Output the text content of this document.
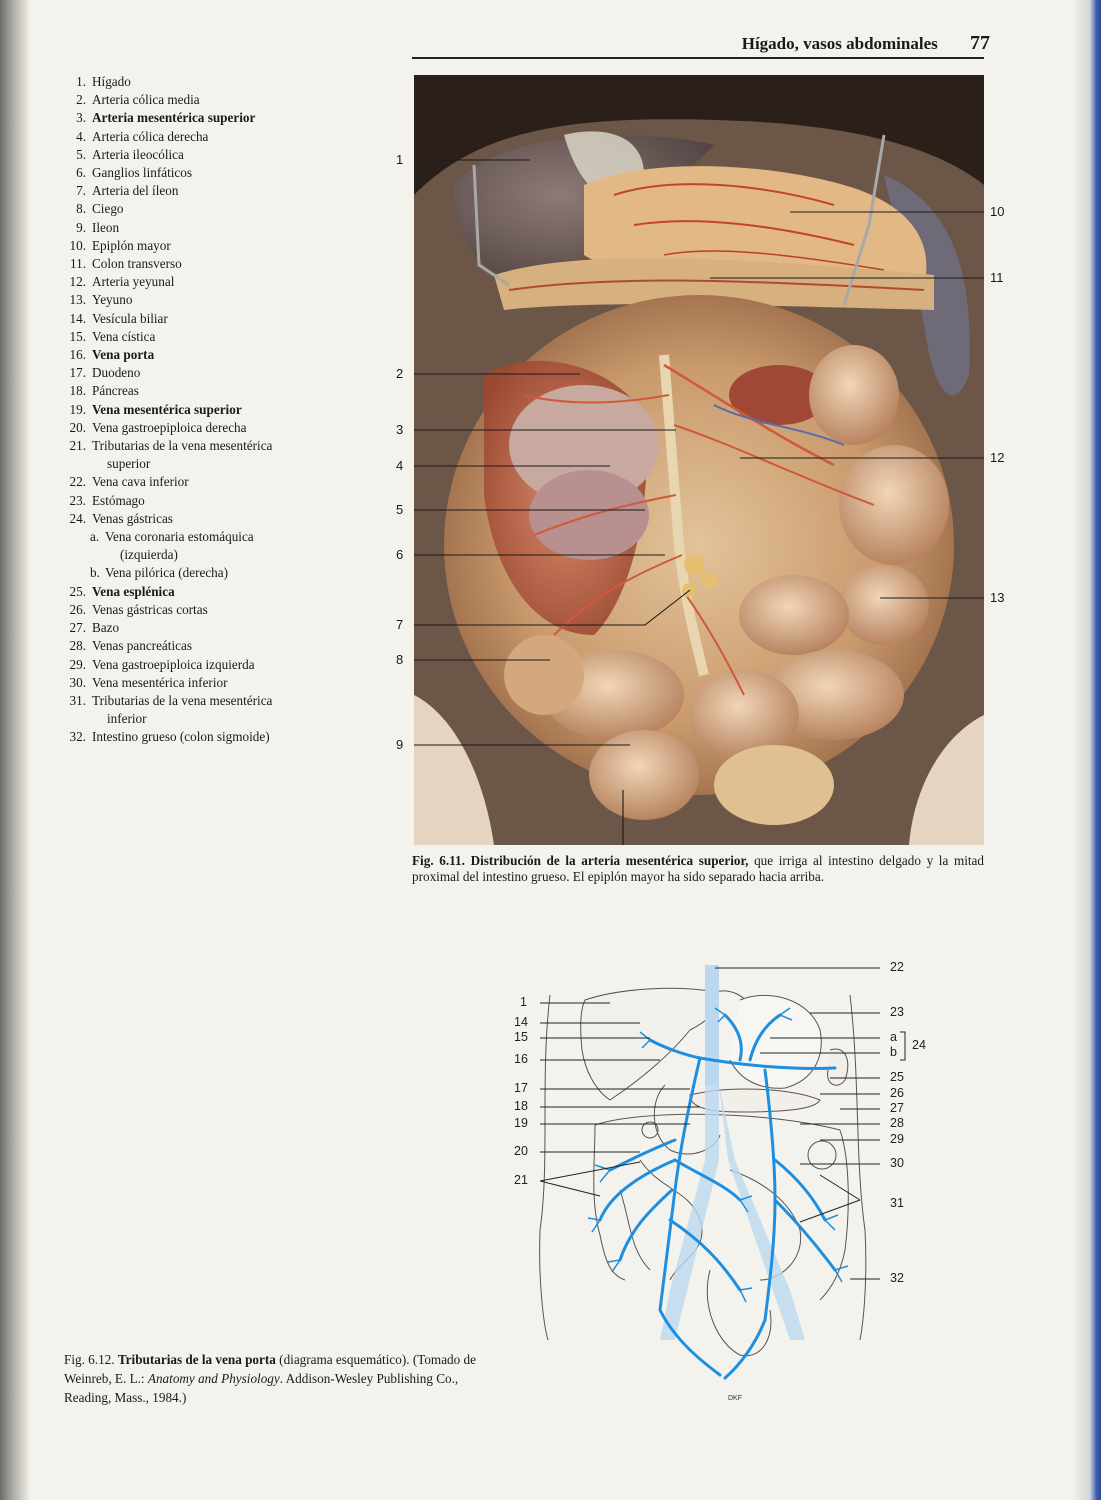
Hígado, vasos abdominales 77
1. Hígado
2. Arteria cólica media
3. Arteria mesentérica superior
4. Arteria cólica derecha
5. Arteria ileocólica
6. Ganglios linfáticos
7. Arteria del íleon
8. Ciego
9. Ileon
10. Epiplón mayor
11. Colon transverso
12. Arteria yeyunal
13. Yeyuno
14. Vesícula biliar
15. Vena cística
16. Vena porta
17. Duodeno
18. Páncreas
19. Vena mesentérica superior
20. Vena gastroepiploica derecha
21. Tributarias de la vena mesentérica
superior
22. Vena cava inferior
23. Estómago
24. Venas gástricas
a. Vena coronaria estomáquica
(izquierda)
b. Vena pilórica (derecha)
25. Vena esplénica
26. Venas gástricas cortas
27. Bazo
28. Venas pancreáticas
29. Vena gastroepiploica izquierda
30. Vena mesentérica inferior
31. Tributarias de la vena mesentérica
inferior
32. Intestino grueso (colon sigmoide)
1
2
3
4
5
6
7
8
9
10
11
12
13
Fig. 6.11. Distribución de la arteria mesentérica superior, que irriga al intestino delgado y la mitad proximal del intestino grueso. El epiplón mayor ha sido separado hacia arriba.
DKF
1
14
15
16
17
18
19
20
21
22
23
a
b 24
25
26
27
28
29
30
31
32
Fig. 6.12. Tributarias de la vena porta (diagrama esquemático). (Tomado de Weinreb, E. L.: Anatomy and Physiology. Addison-Wesley Publishing Co., Reading, Mass., 1984.)
